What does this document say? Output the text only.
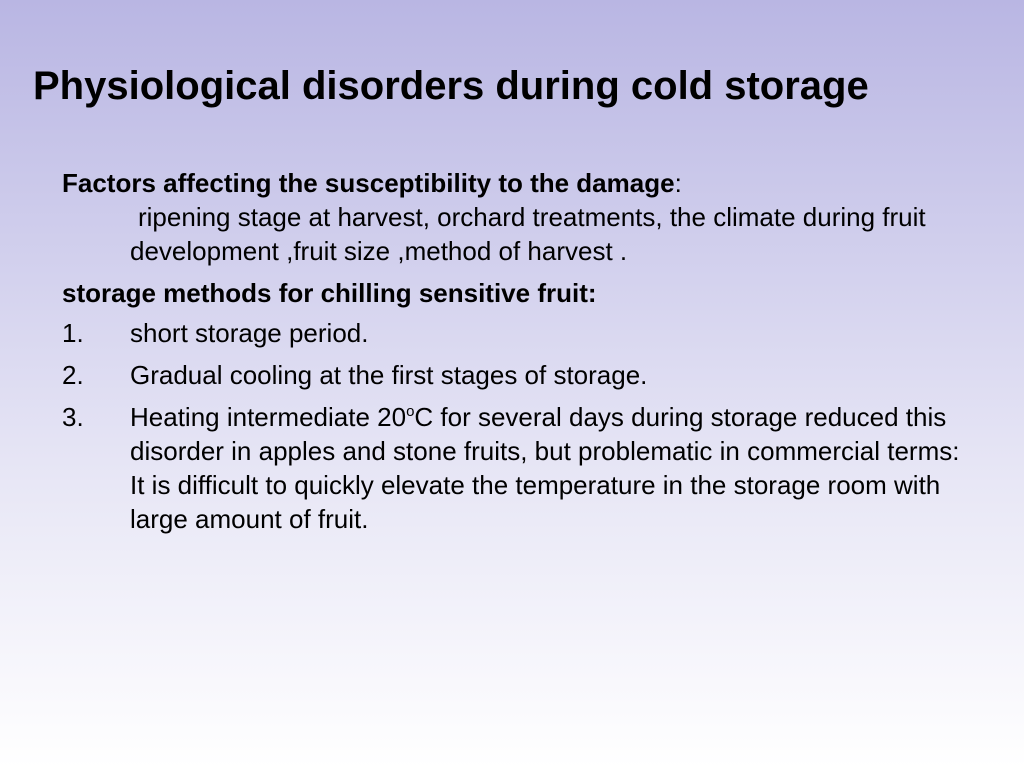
Physiological disorders during cold storage

Factors affecting the susceptibility to the damage:

ripening stage at harvest, orchard treatments, the climate during fruit development ,fruit size ,method of harvest .

storage methods for chilling sensitive fruit:

1. short storage period.
2. Gradual cooling at the first stages of storage.
3. Heating intermediate 20$^o$C for several days during storage reduced this disorder in apples and stone fruits, but problematic in commercial terms:
It is difficult to quickly elevate the temperature in the storage room with large amount of fruit.
